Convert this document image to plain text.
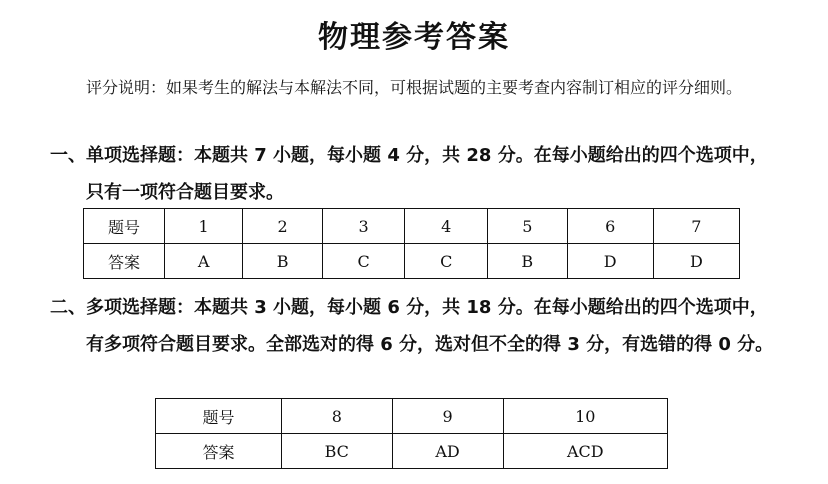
物理参考答案
评分说明：如果考生的解法与本解法不同，可根据试题的主要考查内容制订相应的评分细则。
一、单项选择题：本题共 7 小题，每小题 4 分，共 28 分。在每小题给出的四个选项中，只有一项符合题目要求。
题号	1	2	3	4	5	6	7
答案	A	B	C	C	B	D	D
二、多项选择题：本题共 3 小题，每小题 6 分，共 18 分。在每小题给出的四个选项中，有多项符合题目要求。全部选对的得 6 分，选对但不全的得 3 分，有选错的得 0 分。
题号	8	9	10
答案	BC	AD	ACD
